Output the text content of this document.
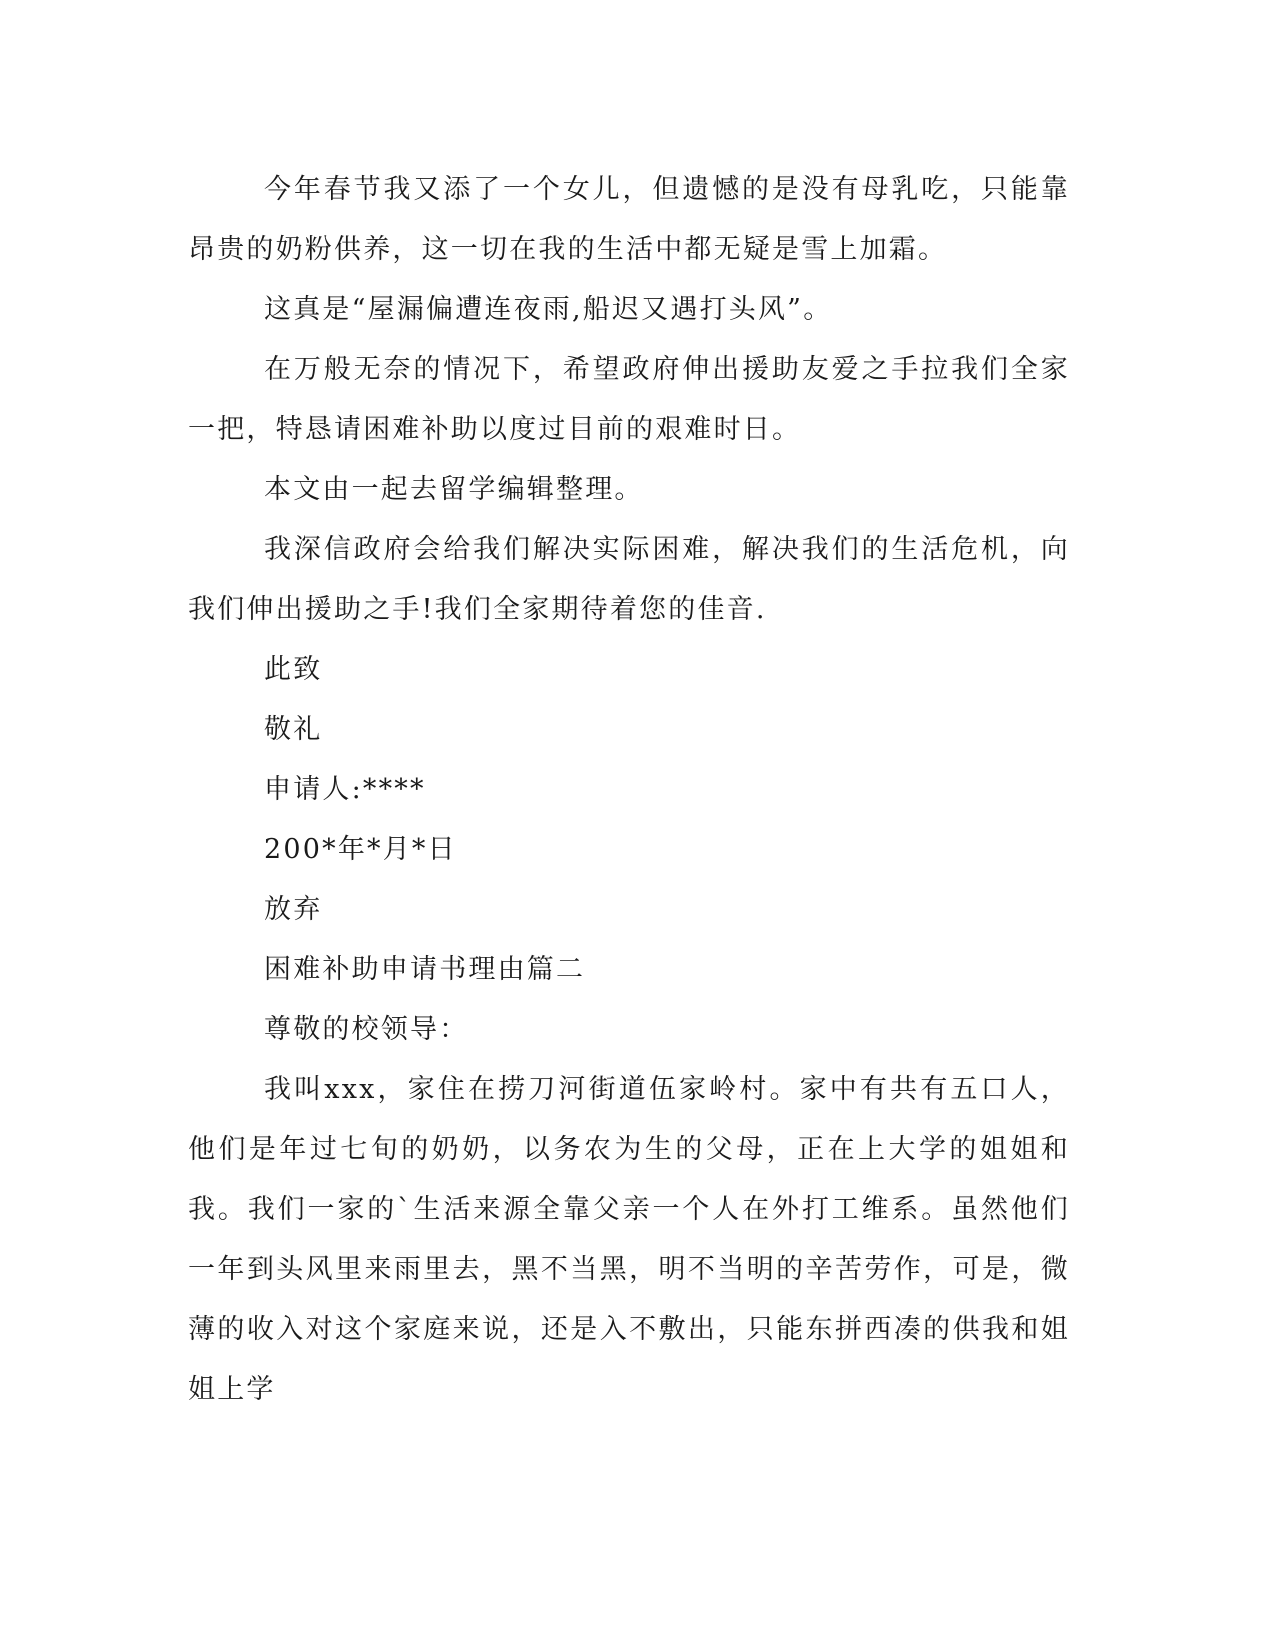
今年春节我又添了一个女儿，但遗憾的是没有母乳吃，只能靠昂贵的奶粉供养，这一切在我的生活中都无疑是雪上加霜。

这真是“屋漏偏遭连夜雨,船迟又遇打头风”。

在万般无奈的情况下，希望政府伸出援助友爱之手拉我们全家一把，特恳请困难补助以度过目前的艰难时日。

本文由一起去留学编辑整理。

我深信政府会给我们解决实际困难，解决我们的生活危机，向我们伸出援助之手!我们全家期待着您的佳音.

此致

敬礼

申请人:****

200*年*月*日

放弃

困难补助申请书理由篇二

尊敬的校领导：

我叫xxx，家住在捞刀河街道伍家岭村。家中有共有五口人，他们是年过七旬的奶奶，以务农为生的父母，正在上大学的姐姐和我。我们一家的`生活来源全靠父亲一个人在外打工维系。虽然他们一年到头风里来雨里去，黑不当黑，明不当明的辛苦劳作，可是，微薄的收入对这个家庭来说，还是入不敷出，只能东拼西凑的供我和姐姐上学
